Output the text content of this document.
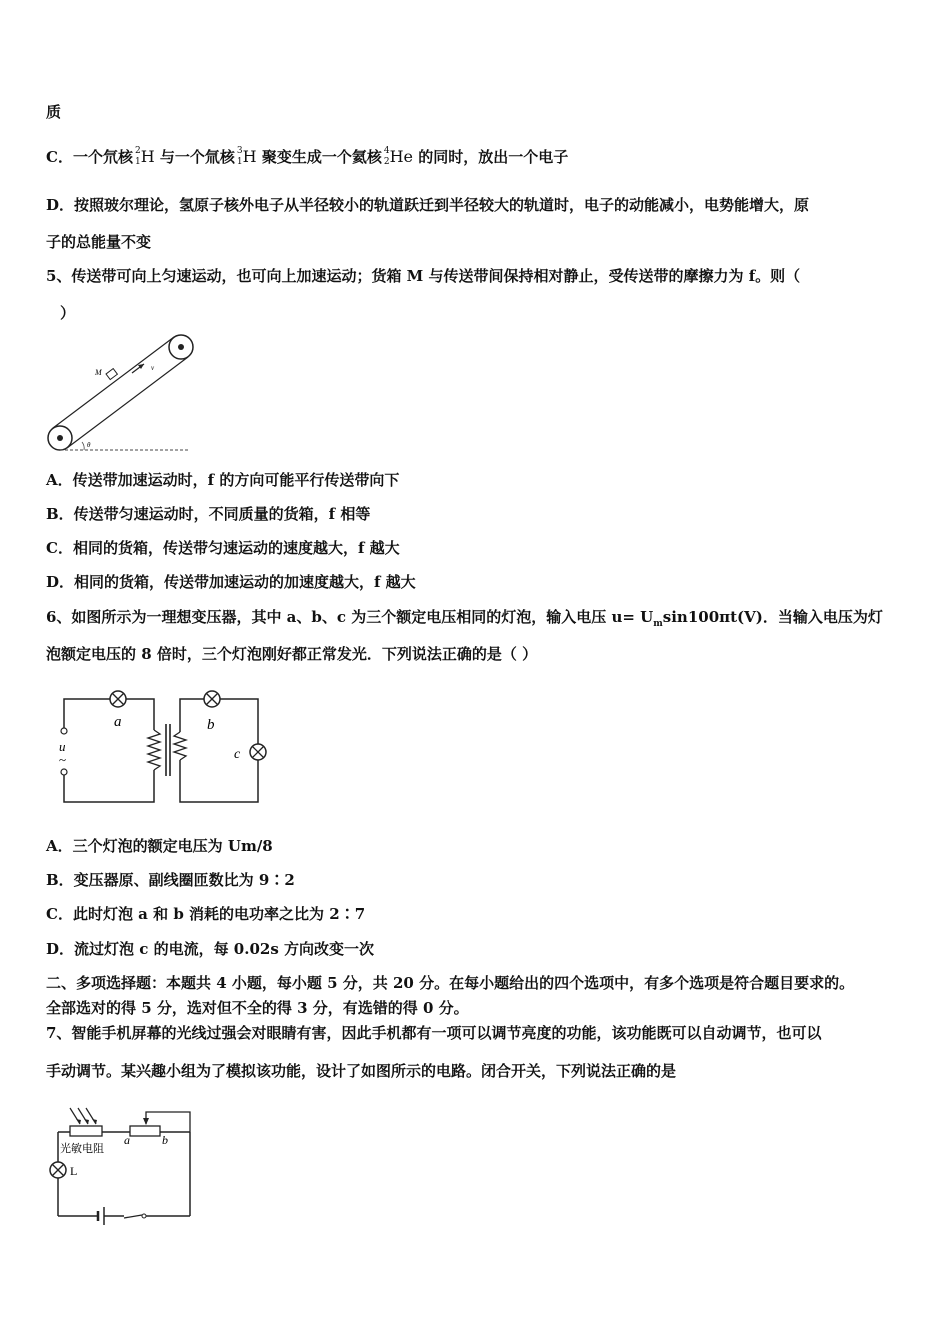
质
C．一个氘核 2
1 H 与一个氚核 3
1 H 聚变生成一个氦核 4
2 He 的同时，放出一个电子
D．按照玻尔理论，氢原子核外电子从半径较小的轨道跃迁到半径较大的轨道时，电子的动能减小，电势能增大，原
子的总能量不变
5、传送带可向上匀速运动，也可向上加速运动；货箱 M 与传送带间保持相对静止，受传送带的摩擦力为 f。则（
）
M	v
θ
A．传送带加速运动时，f 的方向可能平行传送带向下
B．传送带匀速运动时，不同质量的货箱，f 相等
C．相同的货箱，传送带匀速运动的速度越大，f 越大
D．相同的货箱，传送带加速运动的加速度越大，f 越大
6、如图所示为一理想变压器，其中 a、b、c 为三个额定电压相同的灯泡，输入电压 $u= U_m\sin 100\pi t(V)$．当输入电压为灯
泡额定电压的 8 倍时，三个灯泡刚好都正常发光．下列说法正确的是（ ）
a	b
c
u
~
A．三个灯泡的额定电压为 Um/8
B．变压器原、副线圈匝数比为 9∶2
C．此时灯泡 a 和 b 消耗的电功率之比为 2∶7
D．流过灯泡 c 的电流，每 0.02s 方向改变一次
二、多项选择题：本题共 4 小题，每小题 5 分，共 20 分。在每小题给出的四个选项中，有多个选项是符合题目要求的。
全部选对的得 5 分，选对但不全的得 3 分，有选错的得 0 分。
7、智能手机屏幕的光线过强会对眼睛有害，因此手机都有一项可以调节亮度的功能，该功能既可以自动调节，也可以
手动调节。某兴趣小组为了模拟该功能，设计了如图所示的电路。闭合开关，下列说法正确的是
光敏电阻
L
a	b
